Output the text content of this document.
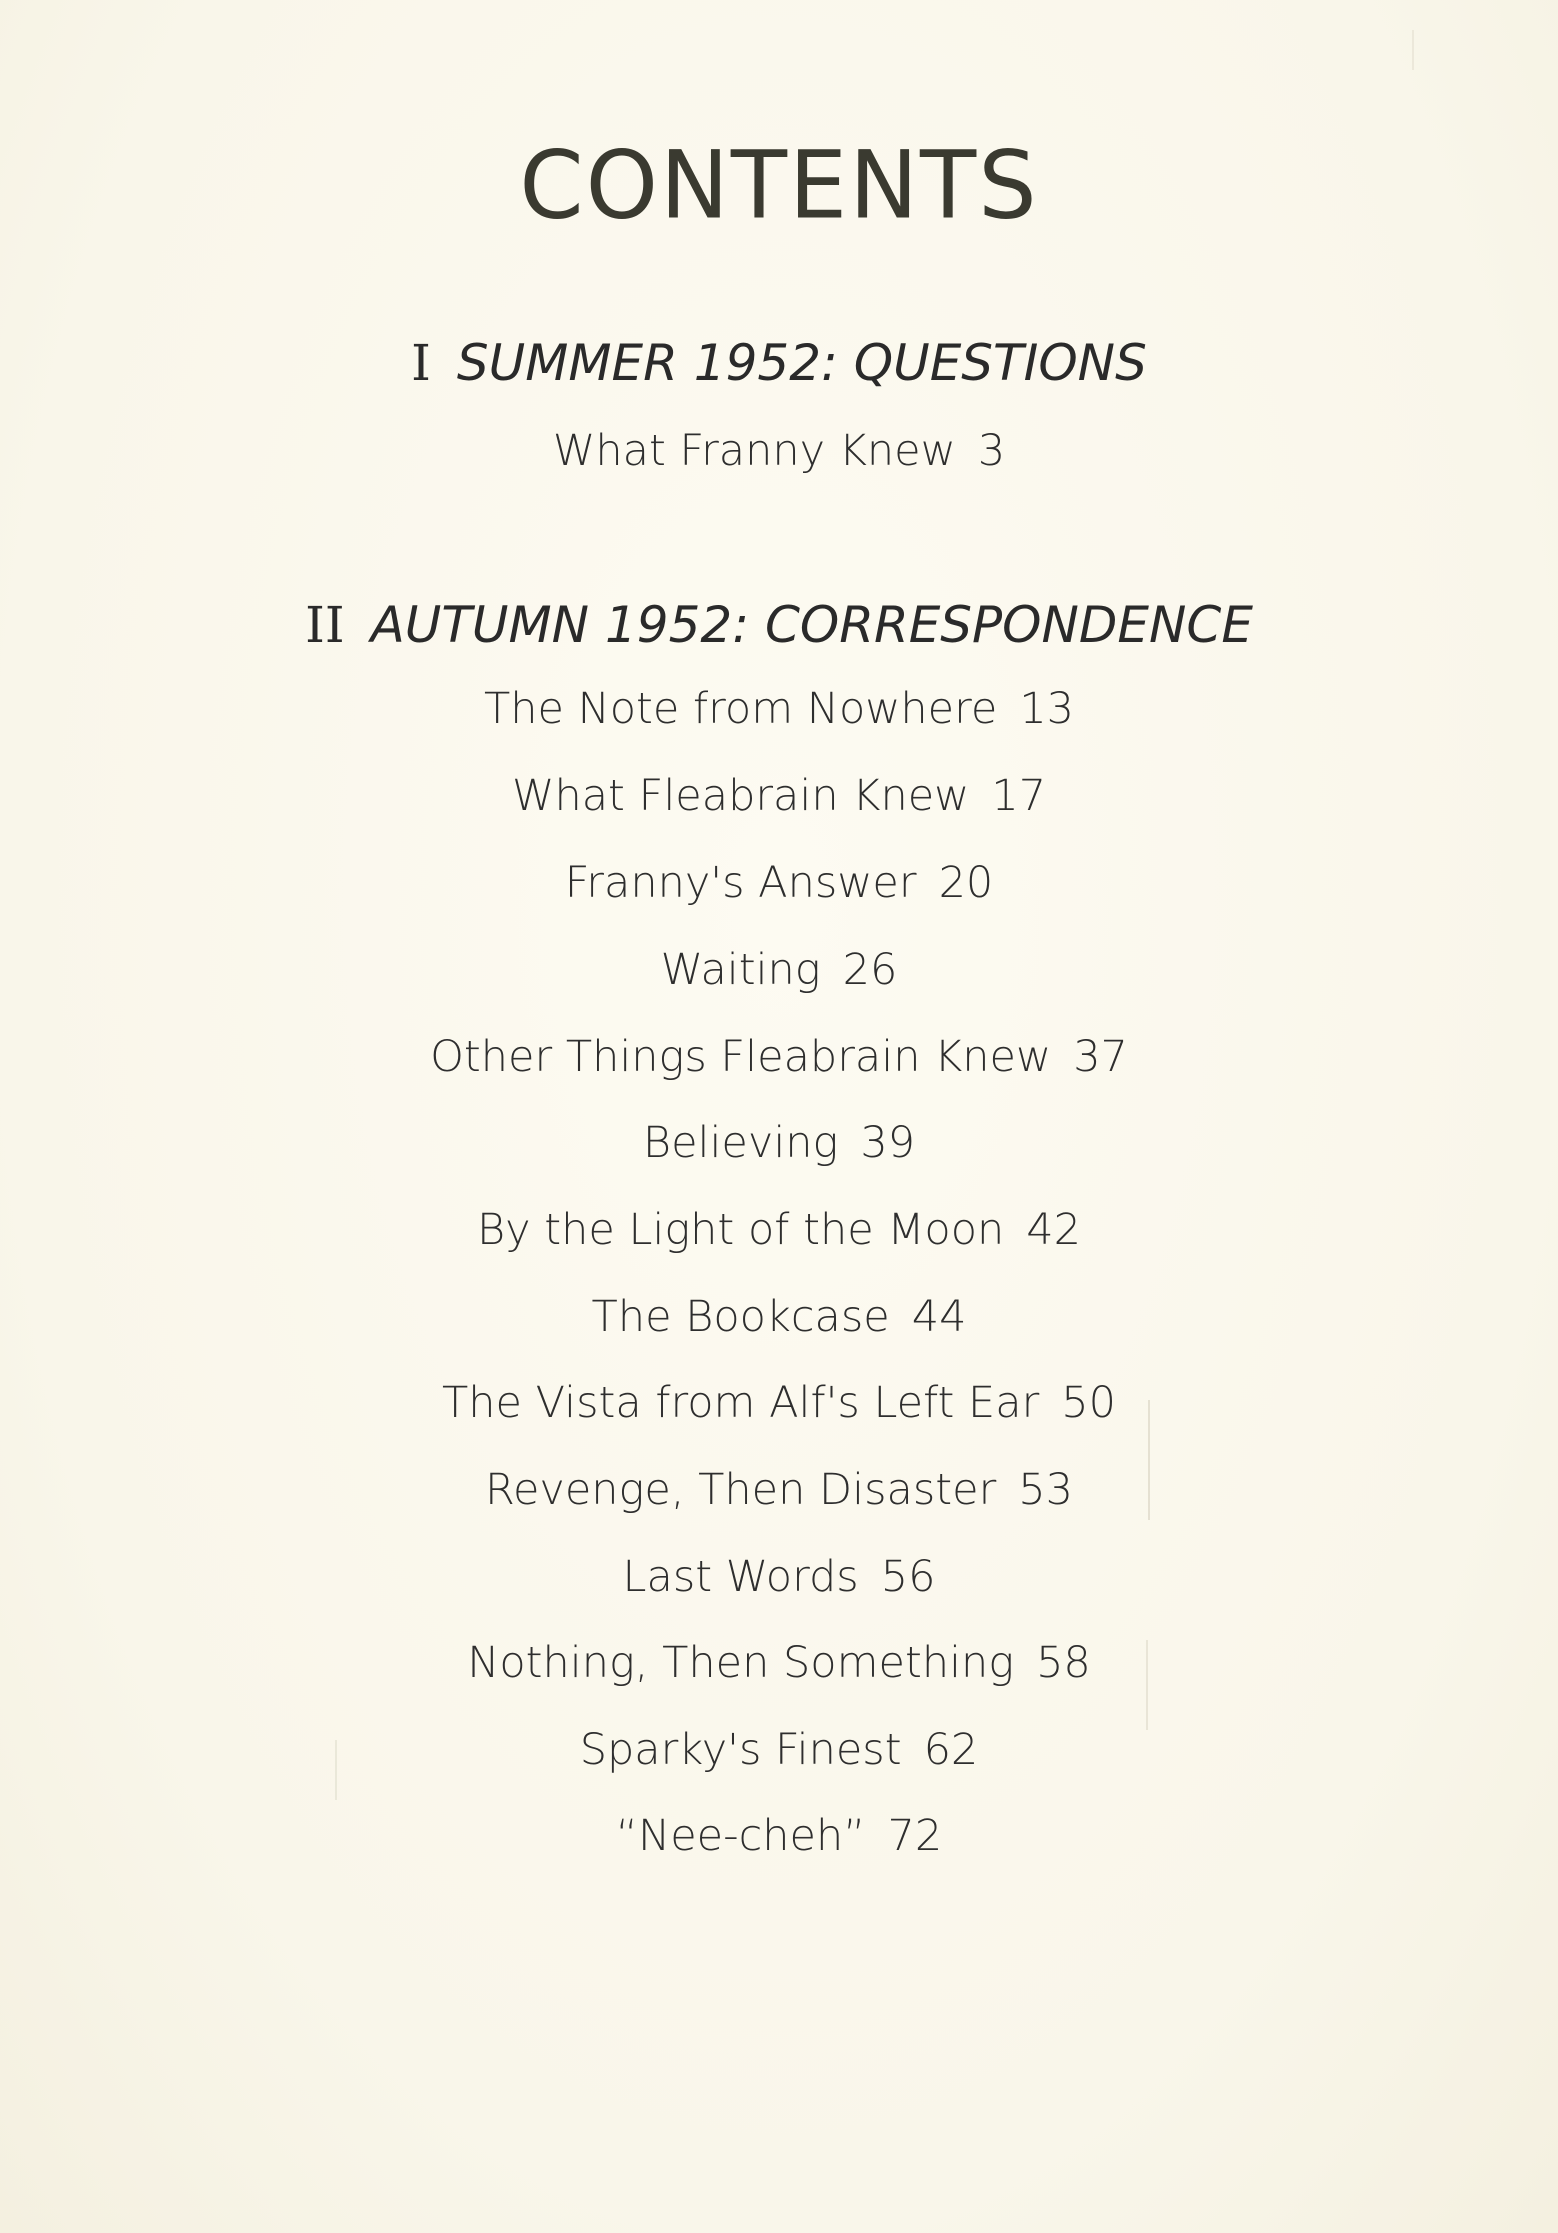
CONTENTS
I SUMMER 1952: QUESTIONS
What Franny Knew 3
II AUTUMN 1952: CORRESPONDENCE
The Note from Nowhere 13
What Fleabrain Knew 17
Franny's Answer 20
Waiting 26
Other Things Fleabrain Knew 37
Believing 39
By the Light of the Moon 42
The Bookcase 44
The Vista from Alf's Left Ear 50
Revenge, Then Disaster 53
Last Words 56
Nothing, Then Something 58
Sparky's Finest 62
“Nee-cheh” 72
